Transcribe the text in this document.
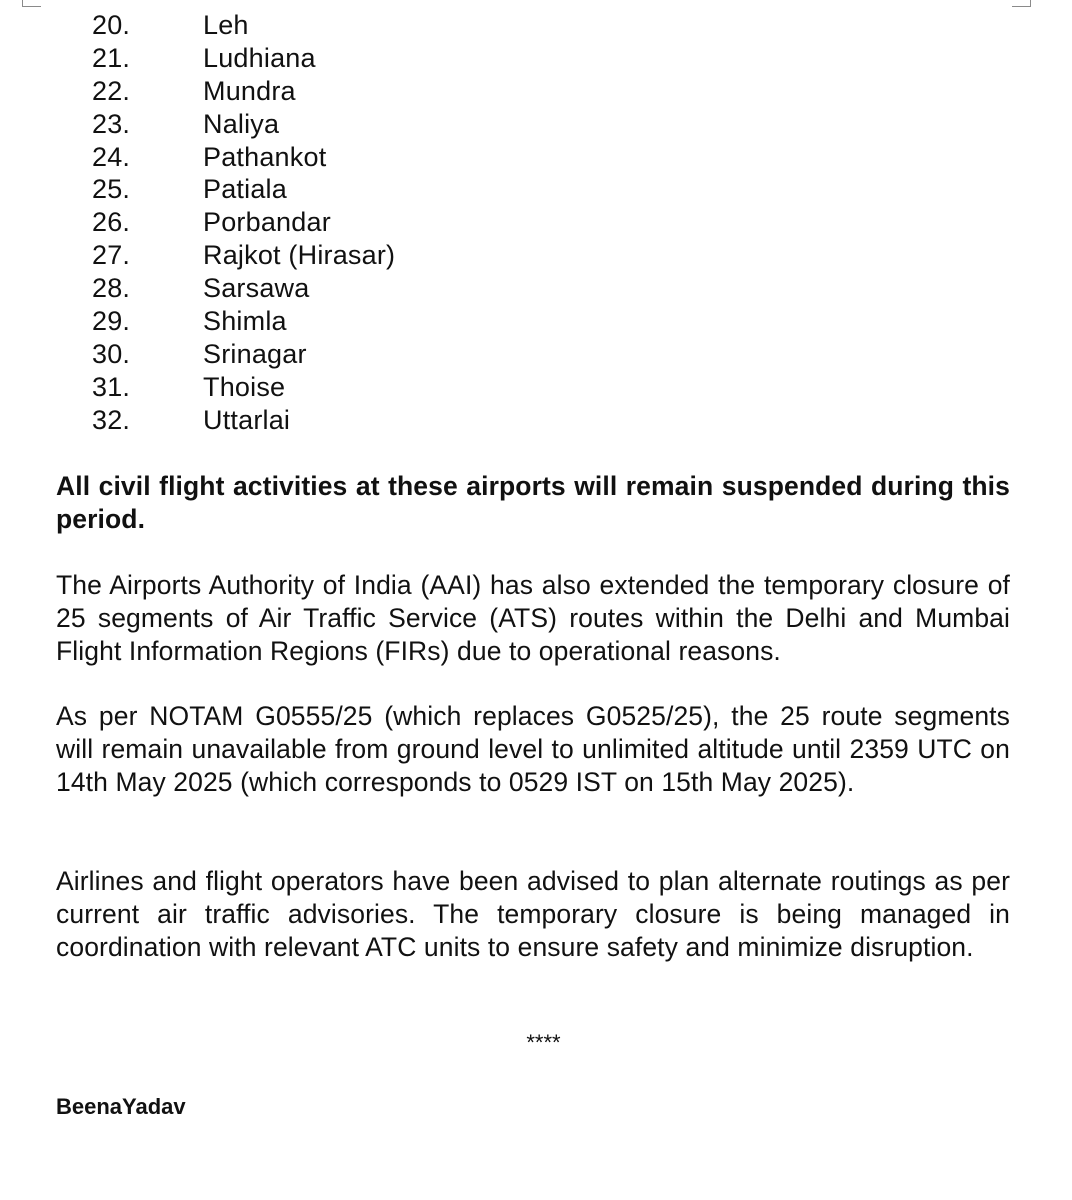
20.	Leh
21.	Ludhiana
22.	Mundra
23.	Naliya
24.	Pathankot
25.	Patiala
26.	Porbandar
27.	Rajkot (Hirasar)
28.	Sarsawa
29.	Shimla
30.	Srinagar
31.	Thoise
32.	Uttarlai

All civil flight activities at these airports will remain suspended during this period.

The Airports Authority of India (AAI) has also extended the temporary closure of 25 segments of Air Traffic Service (ATS) routes within the Delhi and Mumbai Flight Information Regions (FIRs) due to operational reasons.

As per NOTAM G0555/25 (which replaces G0525/25), the 25 route segments will remain unavailable from ground level to unlimited altitude until 2359 UTC on 14th May 2025 (which corresponds to 0529 IST on 15th May 2025).

Airlines and flight operators have been advised to plan alternate routings as per current air traffic advisories. The temporary closure is being managed in coordination with relevant ATC units to ensure safety and minimize disruption.

****
BeenaYadav
